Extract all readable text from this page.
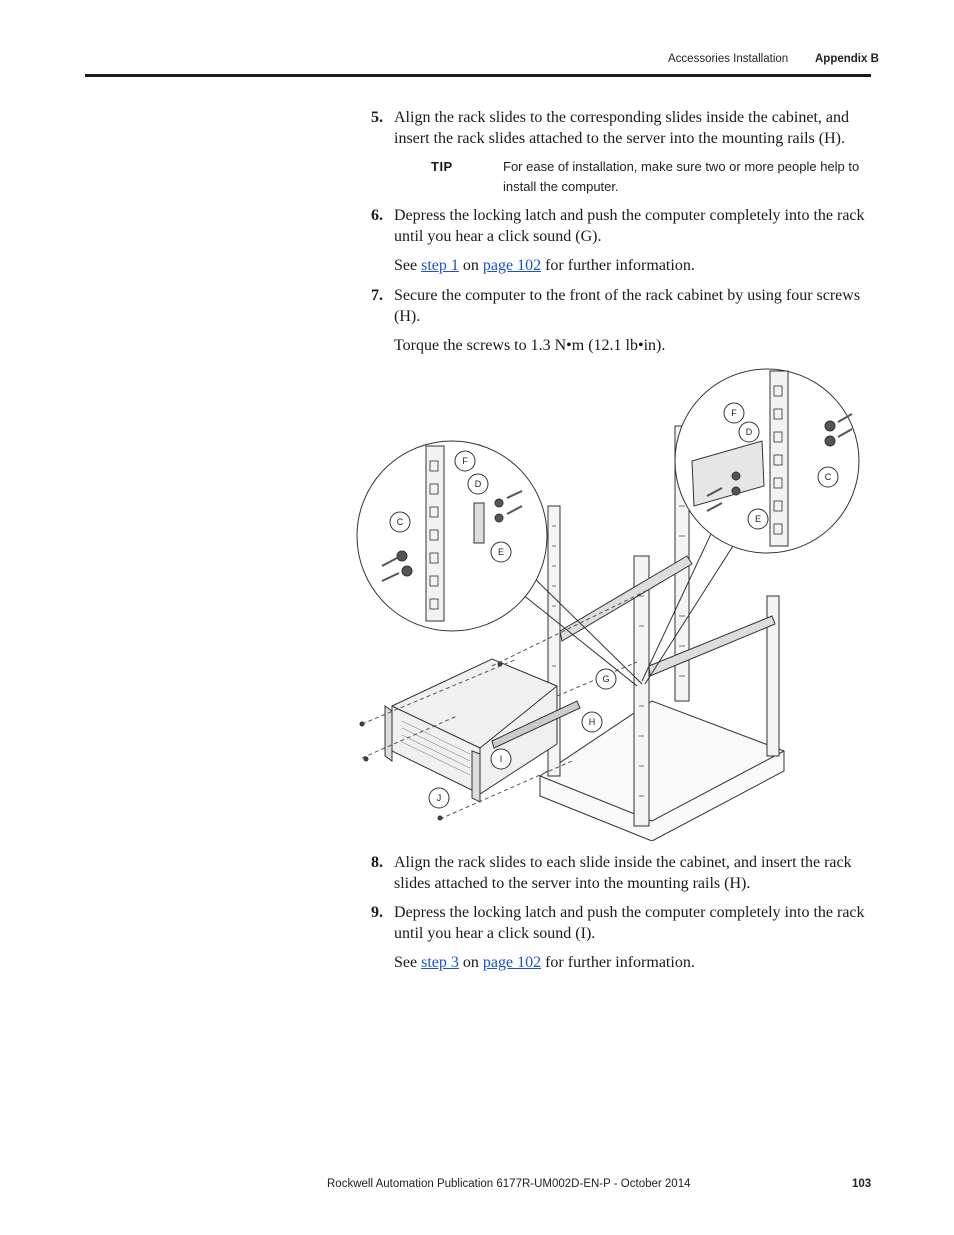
Accessories Installation Appendix B
5. Align the rack slides to the corresponding slides inside the cabinet, and insert the rack slides attached to the server into the mounting rails (H).
TIP	For ease of installation, make sure two or more people help to install the computer.
6. Depress the locking latch and push the computer completely into the rack until you hear a click sound (G).
See step 1 on page 102 for further information.
7. Secure the computer to the front of the rack cabinet by using four screws (H).
Torque the screws to 1.3 N•m (12.1 lb•in).
F
D
C
E
F
D
C
E
G
H
I
J
8. Align the rack slides to each slide inside the cabinet, and insert the rack slides attached to the server into the mounting rails (H).
9. Depress the locking latch and push the computer completely into the rack until you hear a click sound (I).
See step 3 on page 102 for further information.
Rockwell Automation Publication 6177R-UM002D-EN-P - October 2014	103
